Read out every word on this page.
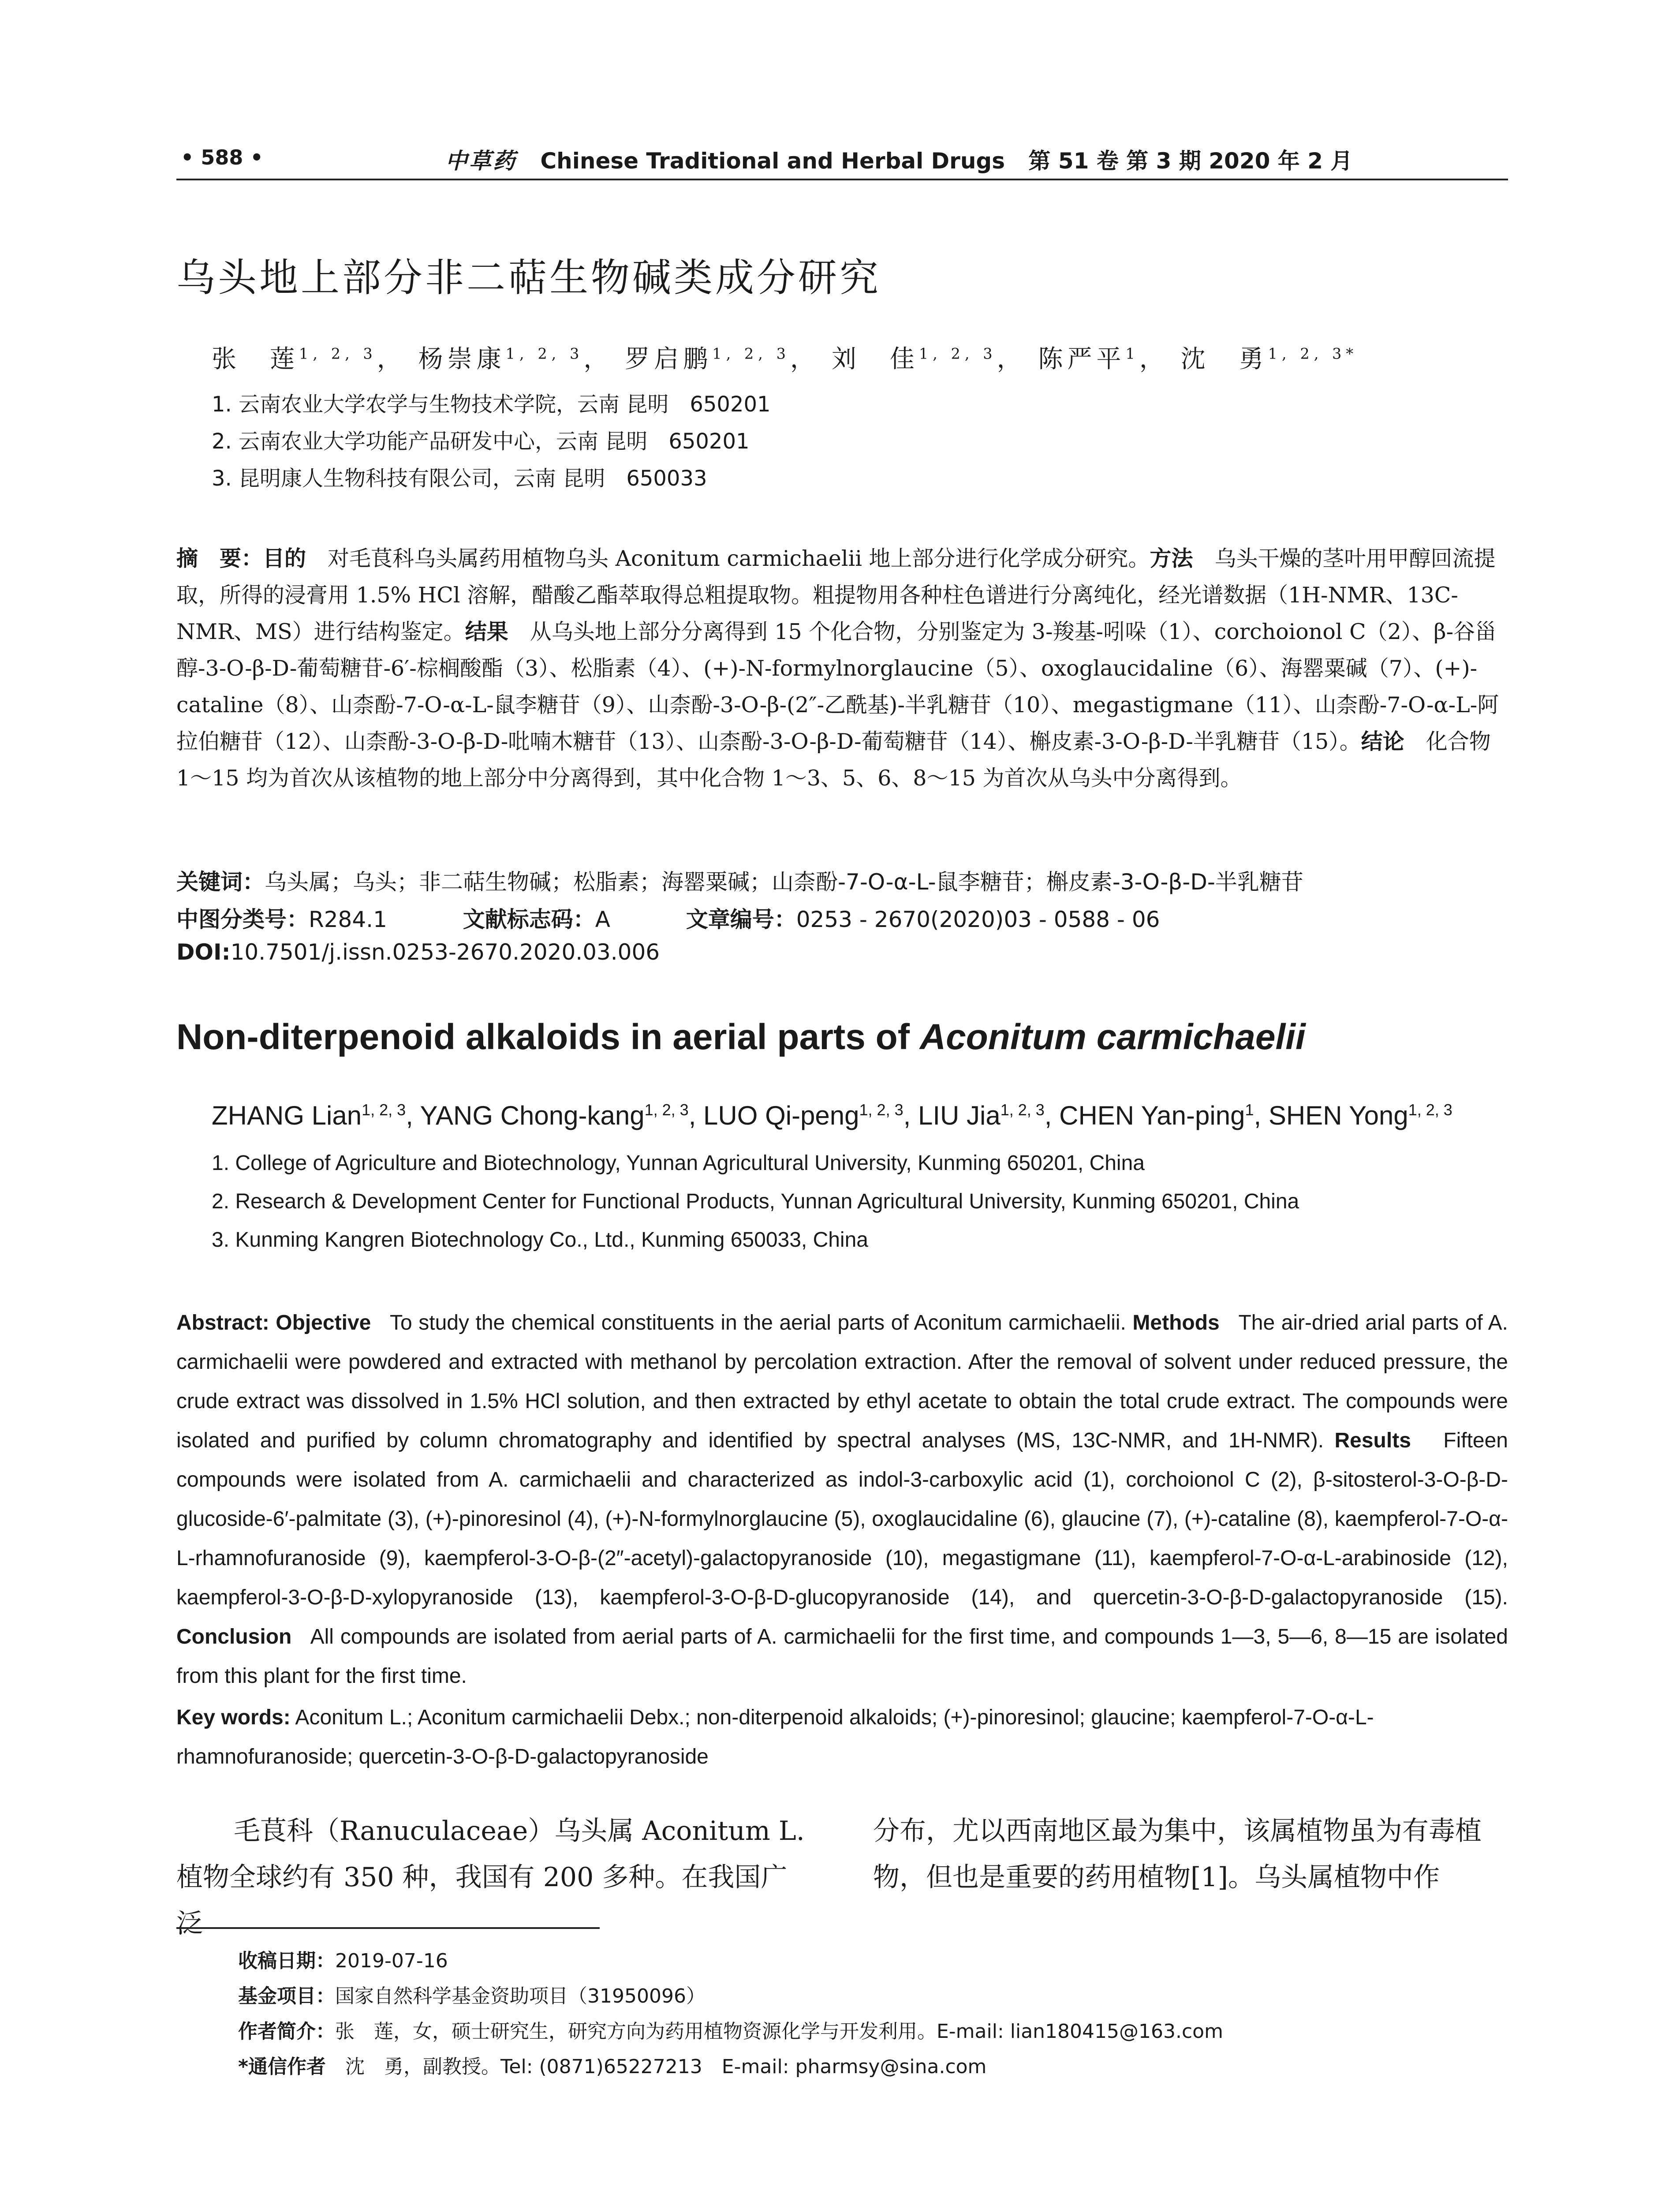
• 588 •	中草药 Chinese Traditional and Herbal Drugs 第 51 卷 第 3 期 2020 年 2 月
乌头地上部分非二萜生物碱类成分研究
张　莲$^{1, 2, 3}$， 杨崇康$^{1, 2, 3}$， 罗启鹏$^{1, 2, 3}$， 刘　佳$^{1, 2, 3}$， 陈严平$^1$， 沈　勇$^{1, 2, 3*}$
1. 云南农业大学农学与生物技术学院，云南 昆明　650201
2. 云南农业大学功能产品研发中心，云南 昆明　650201
3. 昆明康人生物科技有限公司，云南 昆明　650033
摘　要：目的　 对毛茛科乌头属药用植物乌头 Aconitum carmichaelii 地上部分进行化学成分研究。方法　 乌头干燥的茎叶用甲醇回流提取，所得的浸膏用 1.5% HCl 溶解，醋酸乙酯萃取得总粗提取物。粗提物用各种柱色谱进行分离纯化，经光谱数据（1H-NMR、13C-NMR、MS）进行结构鉴定。结果　 从乌头地上部分分离得到 15 个化合物，分别鉴定为 3-羧基-吲哚（1）、corchoionol C（2）、β-谷甾醇-3-O-β-D-葡萄糖苷-6′-棕榈酸酯（3）、松脂素（4）、(+)-N-formylnorglaucine（5）、oxoglaucidaline（6）、海罂粟碱（7）、(+)-cataline（8）、山柰酚-7-O-α-L-鼠李糖苷（9）、山柰酚-3-O-β-(2″-乙酰基)-半乳糖苷（10）、megastigmane（11）、山柰酚-7-O-α-L-阿拉伯糖苷（12）、山柰酚-3-O-β-D-吡喃木糖苷（13）、山柰酚-3-O-β-D-葡萄糖苷（14）、槲皮素-3-O-β-D-半乳糖苷（15）。结论　 化合物 1～15 均为首次从该植物的地上部分中分离得到，其中化合物 1～3、5、6、8～15 为首次从乌头中分离得到。
关键词：乌头属；乌头；非二萜生物碱；松脂素；海罂粟碱；山柰酚-7-O-α-L-鼠李糖苷；槲皮素-3-O-β-D-半乳糖苷
中图分类号：R284.1	文献标志码：A	文章编号：0253 - 2670(2020)03 - 0588 - 06
DOI:10.7501/j.issn.0253-2670.2020.03.006
Non-diterpenoid alkaloids in aerial parts of Aconitum carmichaelii
ZHANG Lian$^{1, 2, 3}$, YANG Chong-kang$^{1, 2, 3}$, LUO Qi-peng$^{1, 2, 3}$, LIU Jia$^{1, 2, 3}$, CHEN Yan-ping$^1$, SHEN Yong$^{1, 2, 3}$
1. College of Agriculture and Biotechnology, Yunnan Agricultural University, Kunming 650201, China
2. Research & Development Center for Functional Products, Yunnan Agricultural University, Kunming 650201, China
3. Kunming Kangren Biotechnology Co., Ltd., Kunming 650033, China
Abstract: Objective To study the chemical constituents in the aerial parts of Aconitum carmichaelii. Methods The air-dried arial parts of A. carmichaelii were powdered and extracted with methanol by percolation extraction. After the removal of solvent under reduced pressure, the crude extract was dissolved in 1.5% HCl solution, and then extracted by ethyl acetate to obtain the total crude extract. The compounds were isolated and purified by column chromatography and identified by spectral analyses (MS, 13C-NMR, and 1H-NMR). Results Fifteen compounds were isolated from A. carmichaelii and characterized as indol-3-carboxylic acid (1), corchoionol C (2), β-sitosterol-3-O-β-D-glucoside-6′-palmitate (3), (+)-pinoresinol (4), (+)-N-formylnorglaucine (5), oxoglaucidaline (6), glaucine (7), (+)-cataline (8), kaempferol-7-O-α-L-rhamnofuranoside (9), kaempferol-3-O-β-(2″-acetyl)-galactopyranoside (10), megastigmane (11), kaempferol-7-O-α-L-arabinoside (12), kaempferol-3-O-β-D-xylopyranoside (13), kaempferol-3-O-β-D-glucopyranoside (14), and quercetin-3-O-β-D-galactopyranoside (15). Conclusion All compounds are isolated from aerial parts of A. carmichaelii for the first time, and compounds 1—3, 5—6, 8—15 are isolated from this plant for the first time.
Key words: Aconitum L.; Aconitum carmichaelii Debx.; non-diterpenoid alkaloids; (+)-pinoresinol; glaucine; kaempferol-7-O-α-L-rhamnofuranoside; quercetin-3-O-β-D-galactopyranoside
毛茛科（Ranuculaceae）乌头属 Aconitum L. 植物全球约有 350 种，我国有 200 多种。在我国广泛
分布，尤以西南地区最为集中，该属植物虽为有毒植物，但也是重要的药用植物[1]。乌头属植物中作
收稿日期：2019-07-16
基金项目：国家自然科学基金资助项目（31950096）
作者简介：张　莲，女，硕士研究生，研究方向为药用植物资源化学与开发利用。E-mail: lian180415@163.com
*通信作者　 沈　勇，副教授。Tel: (0871)65227213　E-mail: pharmsy@sina.com
